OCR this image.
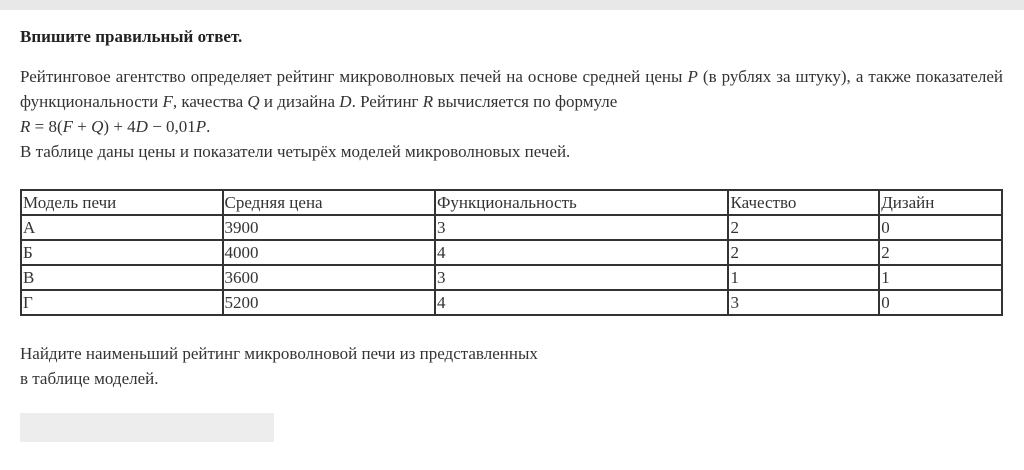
Впишите правильный ответ.

Рейтинговое агентство определяет рейтинг микроволновых печей на основе средней цены P (в рублях за штуку), а также показателей функциональности F, качества Q и дизайна D. Рейтинг R вычисляется по формуле

R = 8(F + Q) + 4D − 0,01P.

В таблице даны цены и показатели четырёх моделей микроволновых печей.

Модель печи	Средняя цена	Функциональность	Качество	Дизайн
А	3900	3	2	0
Б	4000	4	2	2
В	3600	3	1	1
Г	5200	4	3	0

Найдите наименьший рейтинг микроволновой печи из представленных
в таблице моделей.
